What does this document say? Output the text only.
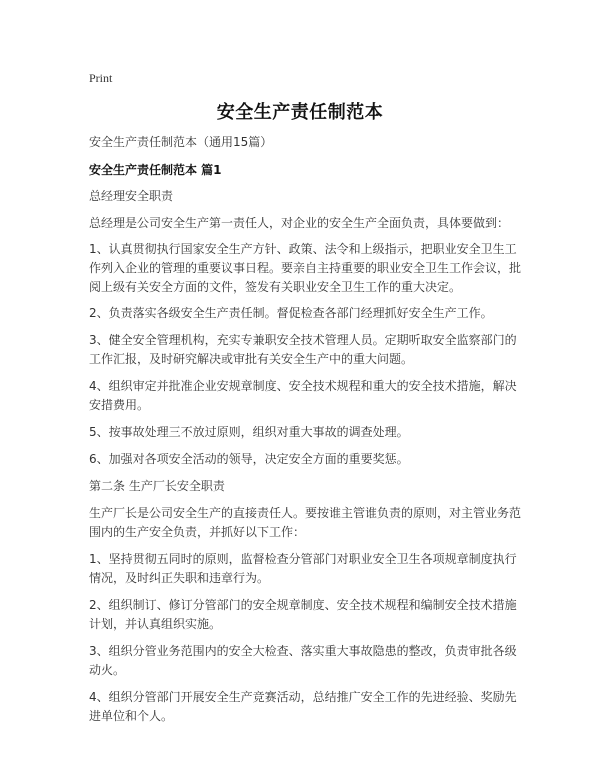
Print
安全生产责任制范本
安全生产责任制范本（通用15篇）
安全生产责任制范本 篇1
总经理安全职责
总经理是公司安全生产第一责任人，对企业的安全生产全面负责，具体要做到：
1、认真贯彻执行国家安全生产方针、政策、法令和上级指示，把职业安全卫生工
作列入企业的管理的重要议事日程。要亲自主持重要的职业安全卫生工作会议，批
阅上级有关安全方面的文件，签发有关职业安全卫生工作的重大决定。
2、负责落实各级安全生产责任制。督促检查各部门经理抓好安全生产工作。
3、健全安全管理机构，充实专兼职安全技术管理人员。定期听取安全监察部门的
工作汇报，及时研究解决或审批有关安全生产中的重大问题。
4、组织审定并批准企业安规章制度、安全技术规程和重大的安全技术措施，解决
安措费用。
5、按事故处理三不放过原则，组织对重大事故的调查处理。
6、加强对各项安全活动的领导，决定安全方面的重要奖惩。
第二条 生产厂长安全职责
生产厂长是公司安全生产的直接责任人。要按谁主管谁负责的原则，对主管业务范
围内的生产安全负责，并抓好以下工作：
1、坚持贯彻五同时的原则，监督检查分管部门对职业安全卫生各项规章制度执行
情况，及时纠正失职和违章行为。
2、组织制订、修订分管部门的安全规章制度、安全技术规程和编制安全技术措施
计划，并认真组织实施。
3、组织分管业务范围内的安全大检查、落实重大事故隐患的整改，负责审批各级
动火。
4、组织分管部门开展安全生产竞赛活动，总结推广安全工作的先进经验、奖励先
进单位和个人。
